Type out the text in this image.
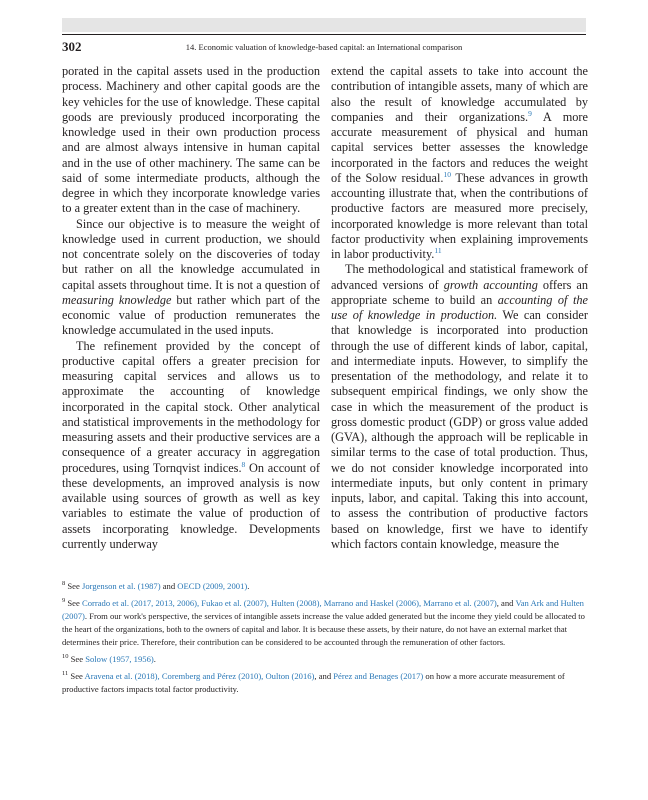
302	14. Economic valuation of knowledge-based capital: an International comparison

porated in the capital assets used in the production process. Machinery and other capital goods are the key vehicles for the use of knowledge. These capital goods are previously produced incorporating the knowledge used in their own production process and are almost always intensive in human capital and in the use of other machinery. The same can be said of some intermediate products, although the degree in which they incorporate knowledge varies to a greater extent than in the case of machinery.

Since our objective is to measure the weight of knowledge used in current production, we should not concentrate solely on the discoveries of today but rather on all the knowledge accumulated in capital assets throughout time. It is not a question of measuring knowledge but rather which part of the economic value of production remunerates the knowledge accumulated in the used inputs.

The refinement provided by the concept of productive capital offers a greater precision for measuring capital services and allows us to approximate the accounting of knowledge incorporated in the capital stock. Other analytical and statistical improvements in the methodology for measuring assets and their productive services are a consequence of a greater accuracy in aggregation procedures, using Tornqvist indices.$^8$ On account of these developments, an improved analysis is now available using sources of growth as well as key variables to estimate the value of production of assets incorporating knowledge. Developments currently underway

extend the capital assets to take into account the contribution of intangible assets, many of which are also the result of knowledge accumulated by companies and their organizations.$^9$ A more accurate measurement of physical and human capital services better assesses the knowledge incorporated in the factors and reduces the weight of the Solow residual.$^{10}$ These advances in growth accounting illustrate that, when the contributions of productive factors are measured more precisely, incorporated knowledge is more relevant than total factor productivity when explaining improvements in labor productivity.$^{11}$

The methodological and statistical framework of advanced versions of growth accounting offers an appropriate scheme to build an accounting of the use of knowledge in production. We can consider that knowledge is incorporated into production through the use of different kinds of labor, capital, and intermediate inputs. However, to simplify the presentation of the methodology, and relate it to subsequent empirical findings, we only show the case in which the measurement of the product is gross domestic product (GDP) or gross value added (GVA), although the approach will be replicable in similar terms to the case of total production. Thus, we do not consider knowledge incorporated into intermediate inputs, but only content in primary inputs, labor, and capital. Taking this into account, to assess the contribution of productive factors based on knowledge, first we have to identify which factors contain knowledge, measure the

$^8$ See Jorgenson et al. (1987) and OECD (2009, 2001).

$^9$ See Corrado et al. (2017, 2013, 2006), Fukao et al. (2007), Hulten (2008), Marrano and Haskel (2006), Marrano et al. (2007), and Van Ark and Hulten (2007). From our work's perspective, the services of intangible assets increase the value added generated but the income they yield could be allocated to the heart of the organizations, both to the owners of capital and labor. It is because these assets, by their nature, do not have an external market that determines their price. Therefore, their contribution can be considered to be accounted through the remuneration of other factors.

$^{10}$ See Solow (1957, 1956).

$^{11}$ See Aravena et al. (2018), Coremberg and Pérez (2010), Oulton (2016), and Pérez and Benages (2017) on how a more accurate measurement of productive factors impacts total factor productivity.
